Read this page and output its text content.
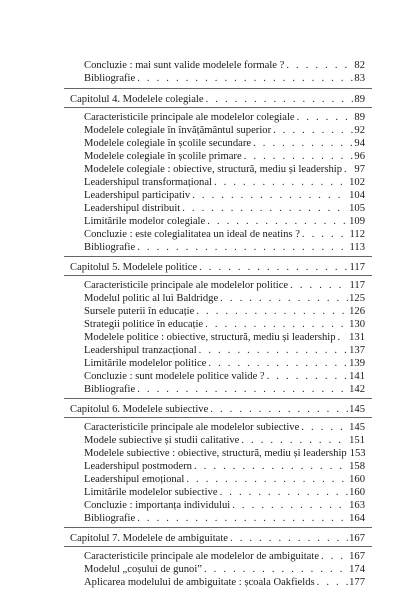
Concluzie : mai sunt valide modelele formale ? . . .	82
Bibliografie . . .	83
Capitolul 4. Modelele colegiale . . .	89
Caracteristicile principale ale modelelor colegiale . . .	89
Modelele colegiale în învățământul superior . . .	92
Modelele colegiale în școlile secundare . . .	94
Modelele colegiale în școlile primare . . .	96
Modelele colegiale : obiective, structură, mediu și leadership . . . 97
Leadershipul transformațional . . .	102
Leadershipul participativ . . .	104
Leadershipul distribuit . . .	105
Limitările modelor colegiale . . .	109
Concluzie : este colegialitatea un ideal de neatins ? . . .	112
Bibliografie . . .	113
Capitolul 5. Modelele politice . . .	117
Caracteristicile principale ale modelelor politice . . .	117
Modelul politic al lui Baldridge . . .	125
Sursele puterii în educație . . .	126
Strategii politice în educație . . .	130
Modelele politice : obiective, structură, mediu și leadership . . . 131
Leadershipul tranzacțional . . .	137
Limitările modelelor politice . . .	139
Concluzie : sunt modelele politice valide ? . . .	141
Bibliografie . . .	142
Capitolul 6. Modelele subiective . . .	145
Caracteristicile principale ale modelelor subiective . . .	145
Modele subiective și studii calitative . . .	151
Modelele subiective : obiective, structură, mediu și leadership 153
Leadershipul postmodern . . .	158
Leadershipul emoțional . . .	160
Limitările modelelor subiective . . .	160
Concluzie : importanța individului . . .	163
Bibliografie . . .	164
Capitolul 7. Modelele de ambiguitate . . .	167
Caracteristicile principale ale modelelor de ambiguitate . . .	167
Modelul „coșului de gunoi” . . .	174
Aplicarea modelului de ambiguitate : școala Oakfields . . .	177
